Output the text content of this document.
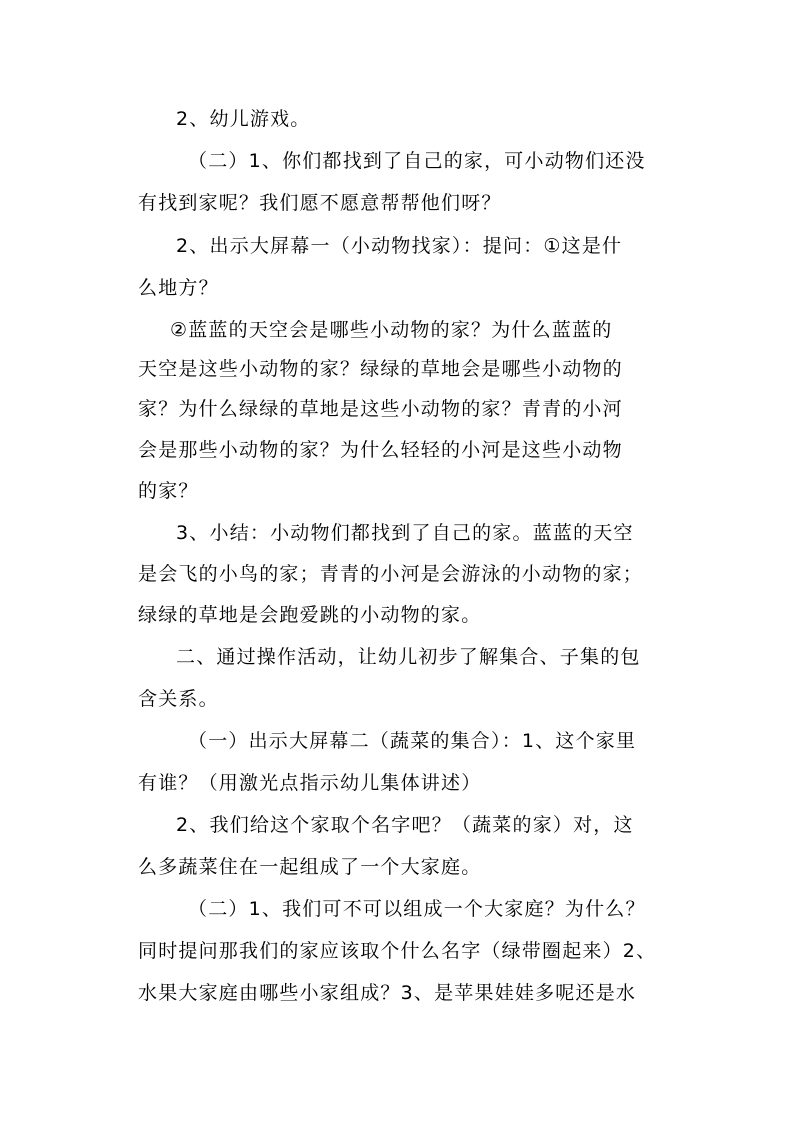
2、幼儿游戏。
（二）1、你们都找到了自己的家，可小动物们还没
有找到家呢？我们愿不愿意帮帮他们呀？
2、出示大屏幕一（小动物找家）：提问：①这是什
么地方？
②蓝蓝的天空会是哪些小动物的家？为什么蓝蓝的
天空是这些小动物的家？绿绿的草地会是哪些小动物的
家？为什么绿绿的草地是这些小动物的家？青青的小河
会是那些小动物的家？为什么轻轻的小河是这些小动物
的家？
3、小结：小动物们都找到了自己的家。蓝蓝的天空
是会飞的小鸟的家；青青的小河是会游泳的小动物的家；
绿绿的草地是会跑爱跳的小动物的家。
二、通过操作活动，让幼儿初步了解集合、子集的包
含关系。
（一）出示大屏幕二（蔬菜的集合）：1、这个家里
有谁？（用激光点指示幼儿集体讲述）
2、我们给这个家取个名字吧？（蔬菜的家）对，这
么多蔬菜住在一起组成了一个大家庭。
（二）1、我们可不可以组成一个大家庭？为什么？
同时提问那我们的家应该取个什么名字（绿带圈起来）2、
水果大家庭由哪些小家组成？3、是苹果娃娃多呢还是水
